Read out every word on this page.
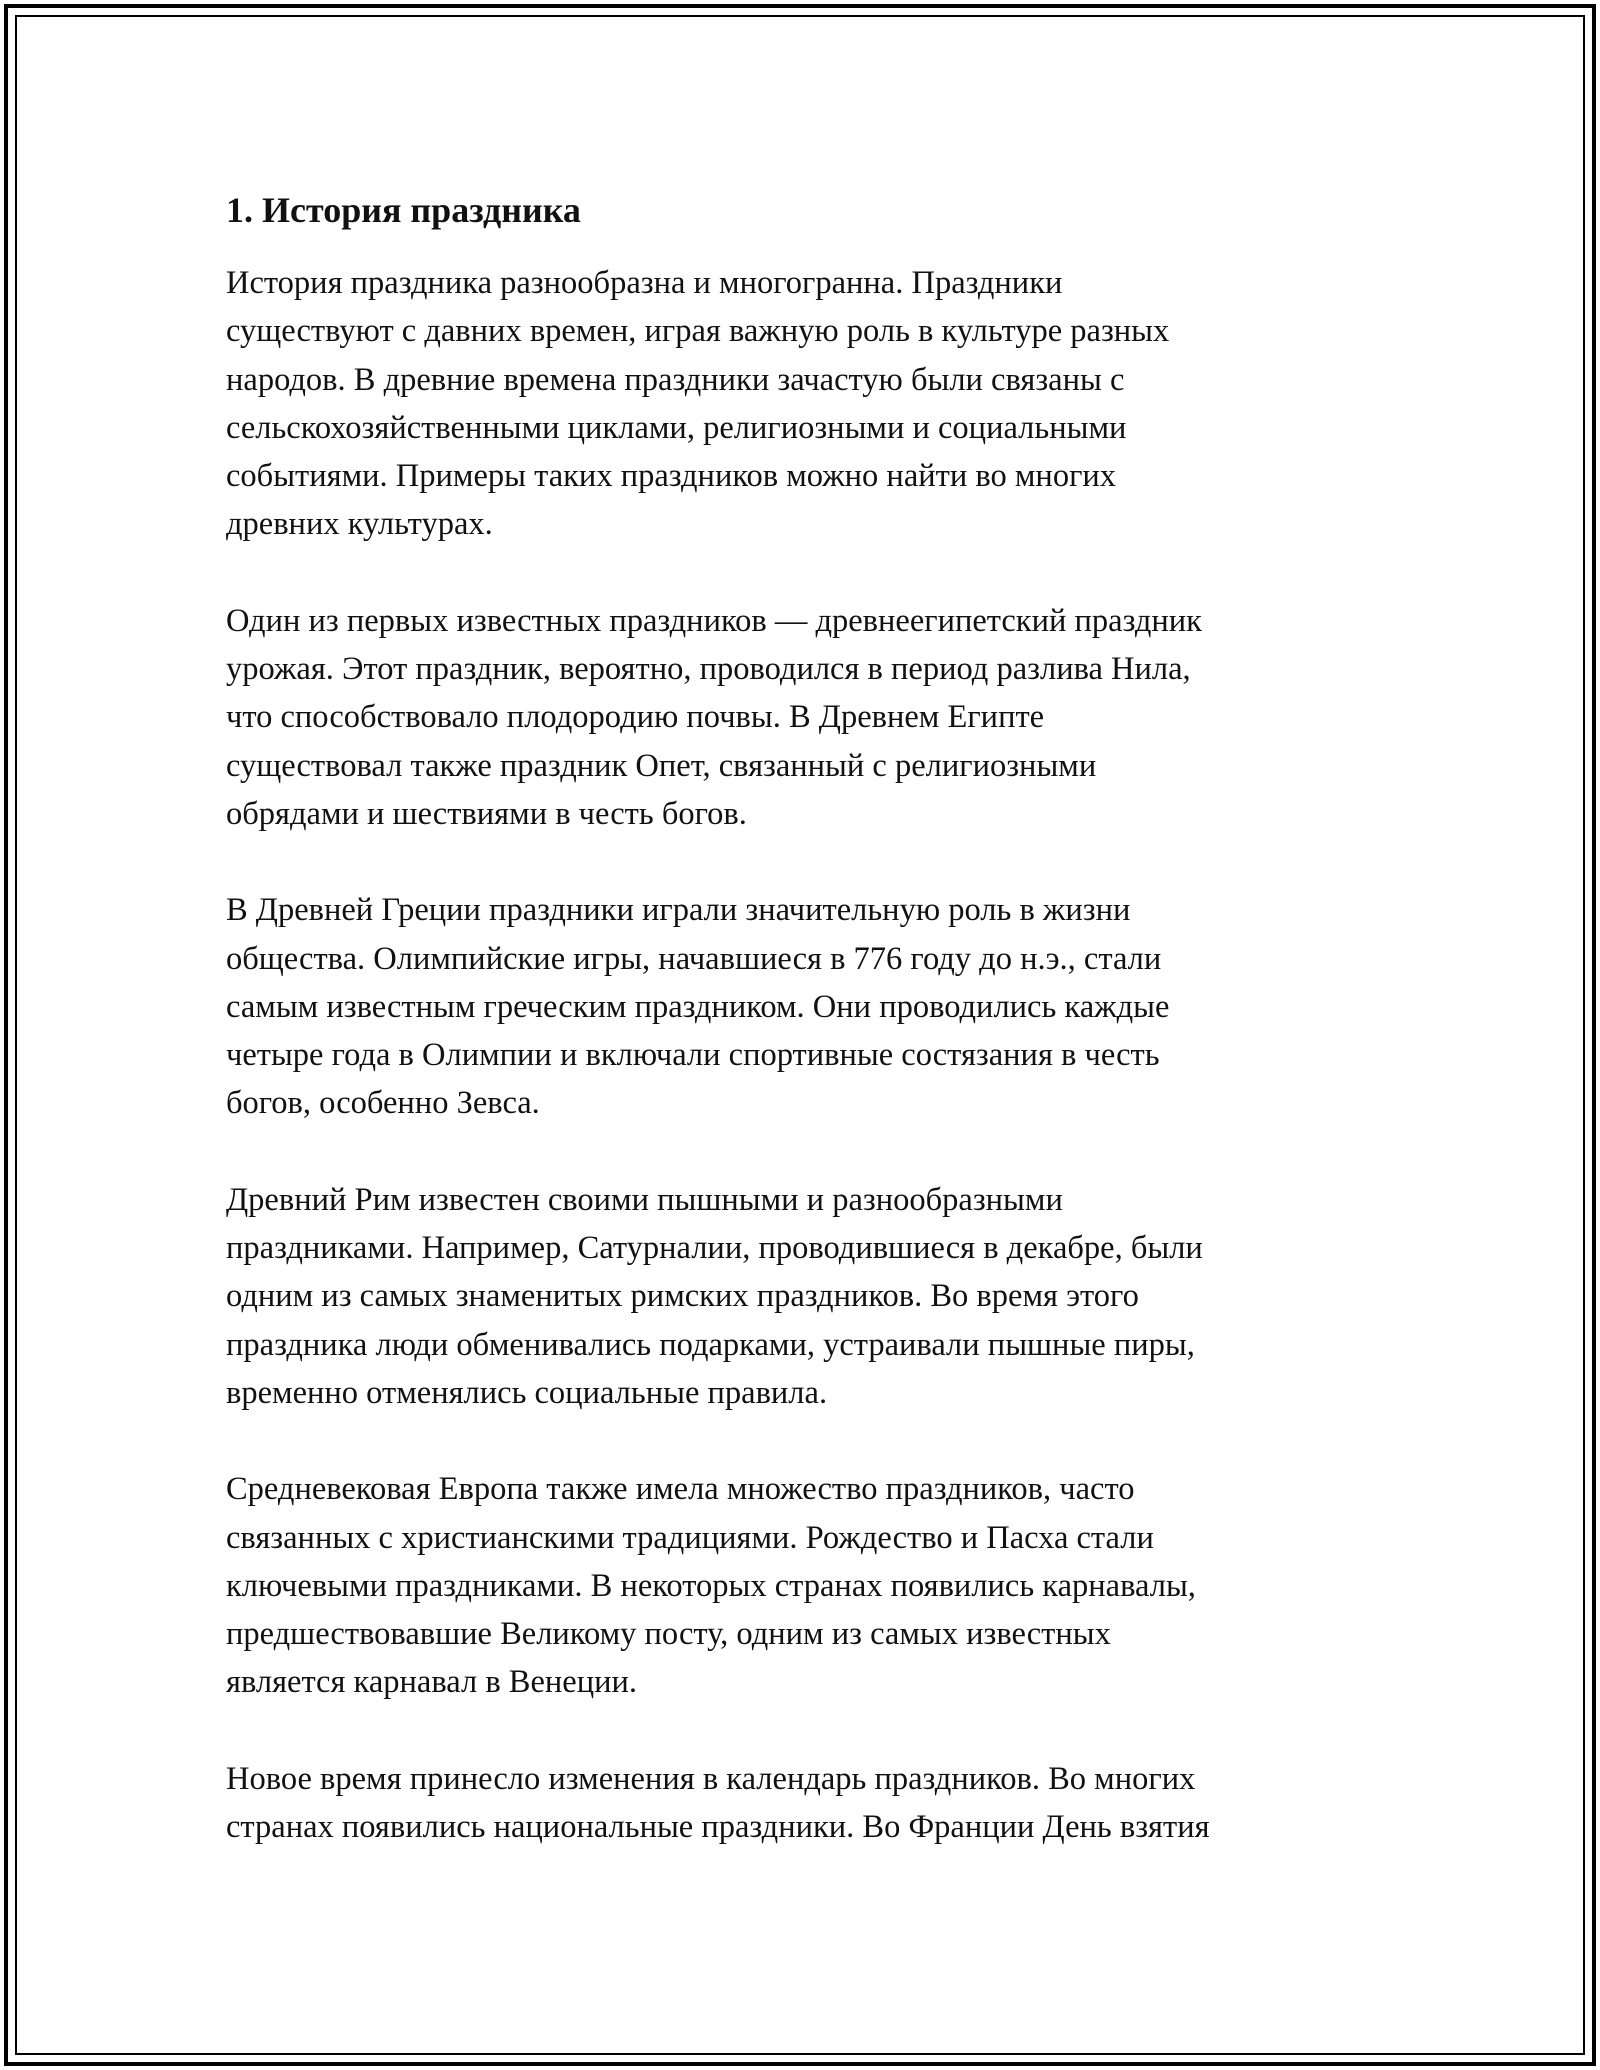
1. История праздника

История праздника разнообразна и многогранна. Праздники
существуют с давних времен, играя важную роль в культуре разных
народов. В древние времена праздники зачастую были связаны с
сельскохозяйственными циклами, религиозными и социальными
событиями. Примеры таких праздников можно найти во многих
древних культурах.

Один из первых известных праздников — древнеегипетский праздник
урожая. Этот праздник, вероятно, проводился в период разлива Нила,
что способствовало плодородию почвы. В Древнем Египте
существовал также праздник Опет, связанный с религиозными
обрядами и шествиями в честь богов.

В Древней Греции праздники играли значительную роль в жизни
общества. Олимпийские игры, начавшиеся в 776 году до н.э., стали
самым известным греческим праздником. Они проводились каждые
четыре года в Олимпии и включали спортивные состязания в честь
богов, особенно Зевса.

Древний Рим известен своими пышными и разнообразными
праздниками. Например, Сатурналии, проводившиеся в декабре, были
одним из самых знаменитых римских праздников. Во время этого
праздника люди обменивались подарками, устраивали пышные пиры,
временно отменялись социальные правила.

Средневековая Европа также имела множество праздников, часто
связанных с христианскими традициями. Рождество и Пасха стали
ключевыми праздниками. В некоторых странах появились карнавалы,
предшествовавшие Великому посту, одним из самых известных
является карнавал в Венеции.

Новое время принесло изменения в календарь праздников. Во многих
странах появились национальные праздники. Во Франции День взятия
